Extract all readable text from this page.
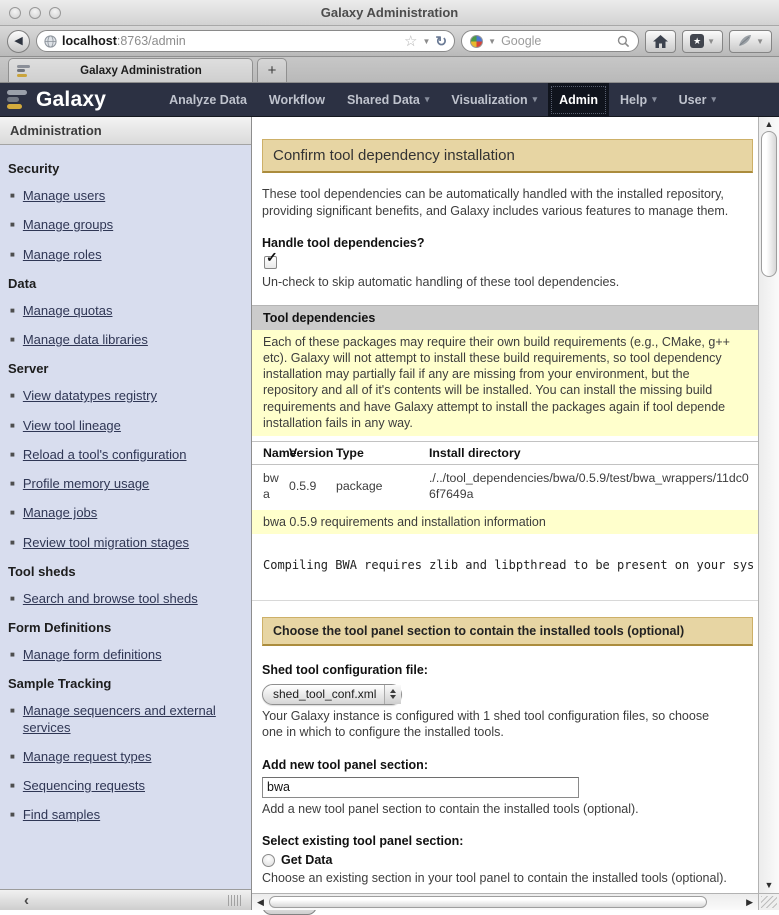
Galaxy Administration
◀	localhost:8763/admin	☆ ▼ ↻	▼ Google	★ ▼	▼
Galaxy Administration	+
Galaxy	Analyze Data Workflow Shared Data ▾ Visualization ▾ Admin Help ▾ User ▾
Administration
Security
■ Manage users
■ Manage groups
■ Manage roles
Data
■ Manage quotas
■ Manage data libraries
Server
■ View datatypes registry
■ View tool lineage
■ Reload a tool's configuration
■ Profile memory usage
■ Manage jobs
■ Review tool migration stages
Tool sheds
■ Search and browse tool sheds
Form Definitions
■ Manage form definitions
Sample Tracking
■ Manage sequencers and external services
■ Manage request types
■ Sequencing requests
■ Find samples
‹
Confirm tool dependency installation
These tool dependencies can be automatically handled with the installed repository, providing significant benefits, and Galaxy includes various features to manage them.
Handle tool dependencies?
✓
Un-check to skip automatic handling of these tool dependencies.
Tool dependencies
Each of these packages may require their own build requirements (e.g., CMake, g++
etc). Galaxy will not attempt to install these build requirements, so tool dependency
installation may partially fail if any are missing from your environment, but the
repository and all of it's contents will be installed. You can install the missing build
requirements and have Galaxy attempt to install the packages again if tool depende
installation fails in any way.
Name	Version	Type	Install directory
bwa	0.5.9	package	./../tool_dependencies/bwa/0.5.9/test/bwa_wrappers/11dc06f7649a
bwa 0.5.9 requirements and installation information
Compiling BWA requires zlib and libpthread to be present on your sys
Choose the tool panel section to contain the installed tools (optional)
Shed tool configuration file:
shed_tool_conf.xml
Your Galaxy instance is configured with 1 shed tool configuration files, so choose one in which to configure the installed tools.
Add new tool panel section:
bwa
Add a new tool panel section to contain the installed tools (optional).
Select existing tool panel section:
Get Data
Choose an existing section in your tool panel to contain the installed tools (optional).
▲
▼
◀	▶
